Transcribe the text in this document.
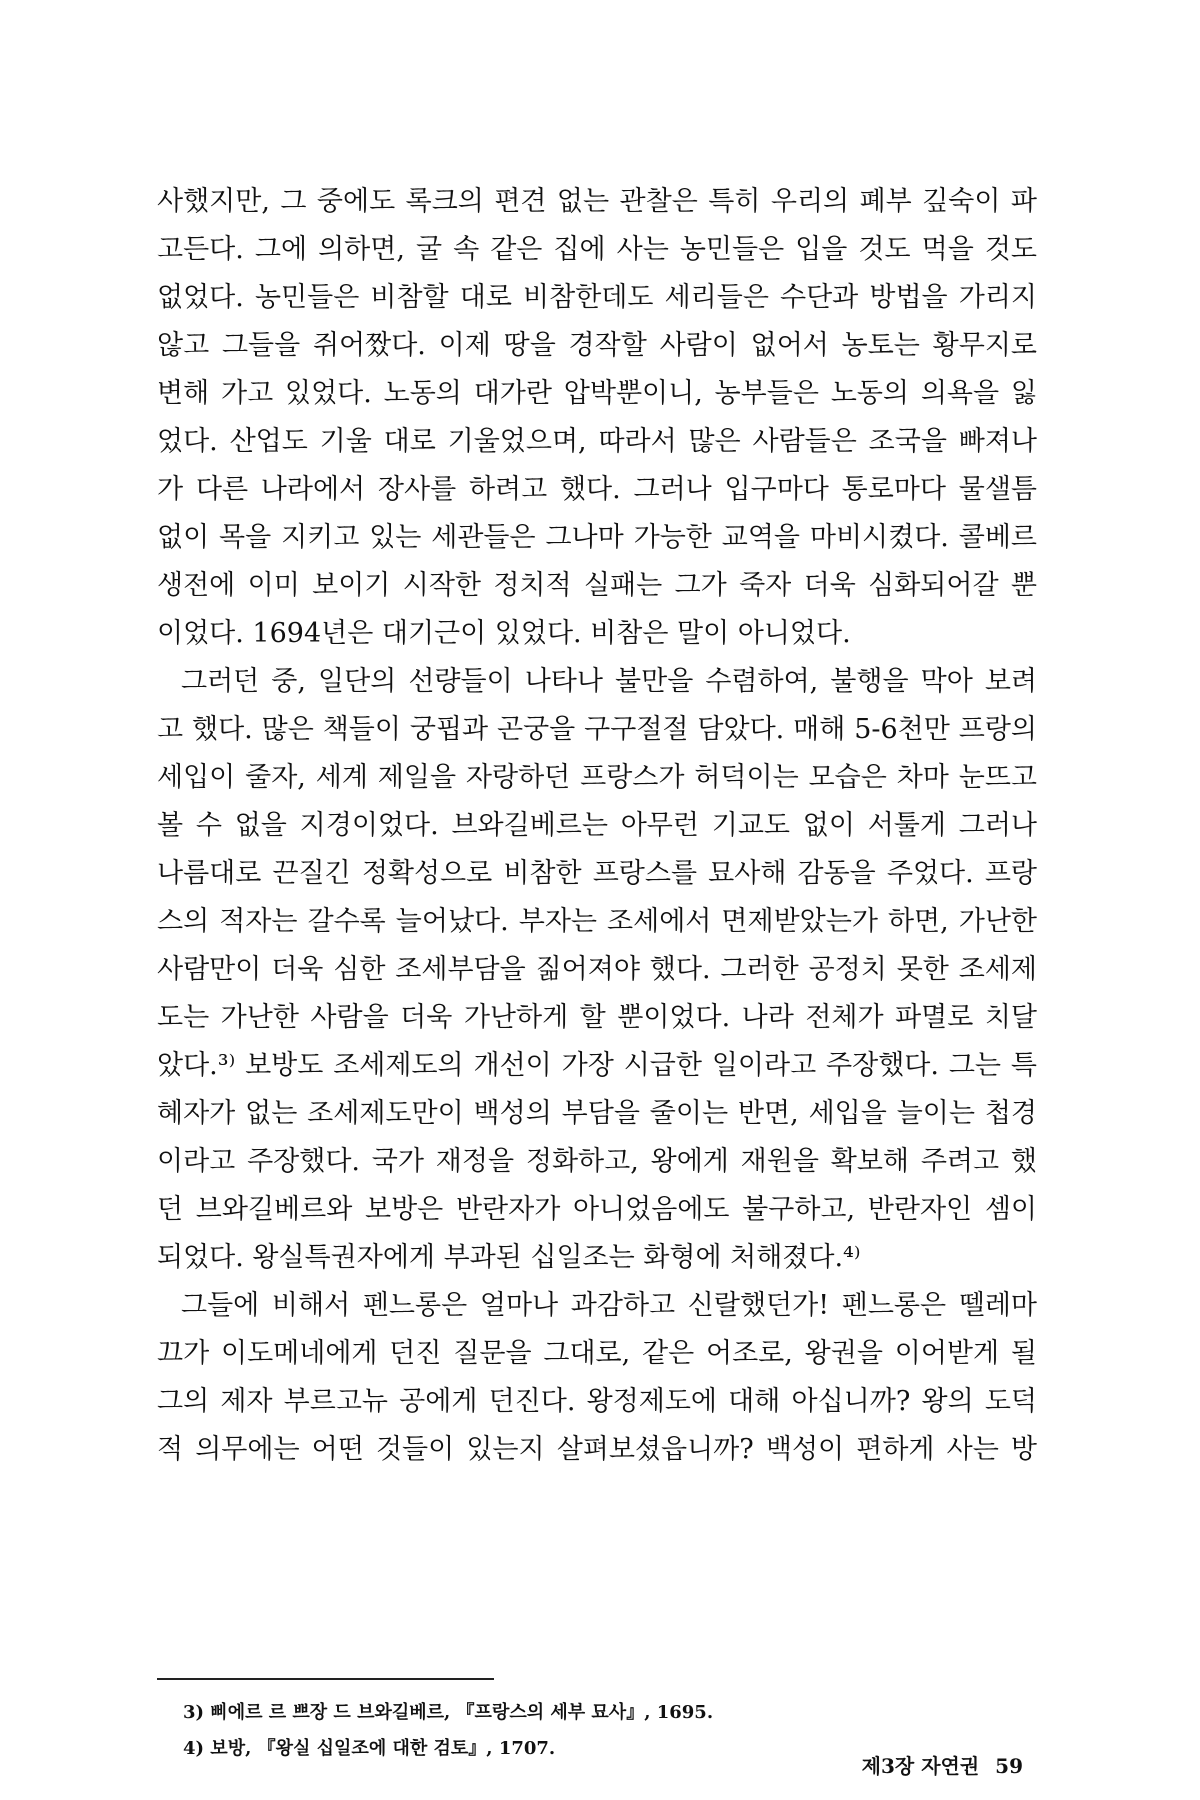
사했지만, 그 중에도 록크의 편견 없는 관찰은 특히 우리의 폐부 깊숙이 파
고든다. 그에 의하면, 굴 속 같은 집에 사는 농민들은 입을 것도 먹을 것도
없었다. 농민들은 비참할 대로 비참한데도 세리들은 수단과 방법을 가리지
않고 그들을 쥐어짰다. 이제 땅을 경작할 사람이 없어서 농토는 황무지로
변해 가고 있었다. 노동의 대가란 압박뿐이니, 농부들은 노동의 의욕을 잃
었다. 산업도 기울 대로 기울었으며, 따라서 많은 사람들은 조국을 빠져나
가 다른 나라에서 장사를 하려고 했다. 그러나 입구마다 통로마다 물샐틈
없이 목을 지키고 있는 세관들은 그나마 가능한 교역을 마비시켰다. 콜베르
생전에 이미 보이기 시작한 정치적 실패는 그가 죽자 더욱 심화되어갈 뿐
이었다. 1694년은 대기근이 있었다. 비참은 말이 아니었다.
그러던 중, 일단의 선량들이 나타나 불만을 수렴하여, 불행을 막아 보려
고 했다. 많은 책들이 궁핍과 곤궁을 구구절절 담았다. 매해 5-6천만 프랑의
세입이 줄자, 세계 제일을 자랑하던 프랑스가 허덕이는 모습은 차마 눈뜨고
볼 수 없을 지경이었다. 브와길베르는 아무런 기교도 없이 서툴게 그러나
나름대로 끈질긴 정확성으로 비참한 프랑스를 묘사해 감동을 주었다. 프랑
스의 적자는 갈수록 늘어났다. 부자는 조세에서 면제받았는가 하면, 가난한
사람만이 더욱 심한 조세부담을 짊어져야 했다. 그러한 공정치 못한 조세제
도는 가난한 사람을 더욱 가난하게 할 뿐이었다. 나라 전체가 파멸로 치달
았다.³⁾ 보방도 조세제도의 개선이 가장 시급한 일이라고 주장했다. 그는 특
혜자가 없는 조세제도만이 백성의 부담을 줄이는 반면, 세입을 늘이는 첩경
이라고 주장했다. 국가 재정을 정화하고, 왕에게 재원을 확보해 주려고 했
던 브와길베르와 보방은 반란자가 아니었음에도 불구하고, 반란자인 셈이
되었다. 왕실특권자에게 부과된 십일조는 화형에 처해졌다.⁴⁾
그들에 비해서 펜느롱은 얼마나 과감하고 신랄했던가! 펜느롱은 뗄레마
끄가 이도메네에게 던진 질문을 그대로, 같은 어조로, 왕권을 이어받게 될
그의 제자 부르고뉴 공에게 던진다. 왕정제도에 대해 아십니까? 왕의 도덕
적 의무에는 어떤 것들이 있는지 살펴보셨읍니까? 백성이 편하게 사는 방
3) 삐에르 르 쁘장 드 브와길베르, 『프랑스의 세부 묘사』, 1695.
4) 보방, 『왕실 십일조에 대한 검토』, 1707.
제3장 자연권 59
